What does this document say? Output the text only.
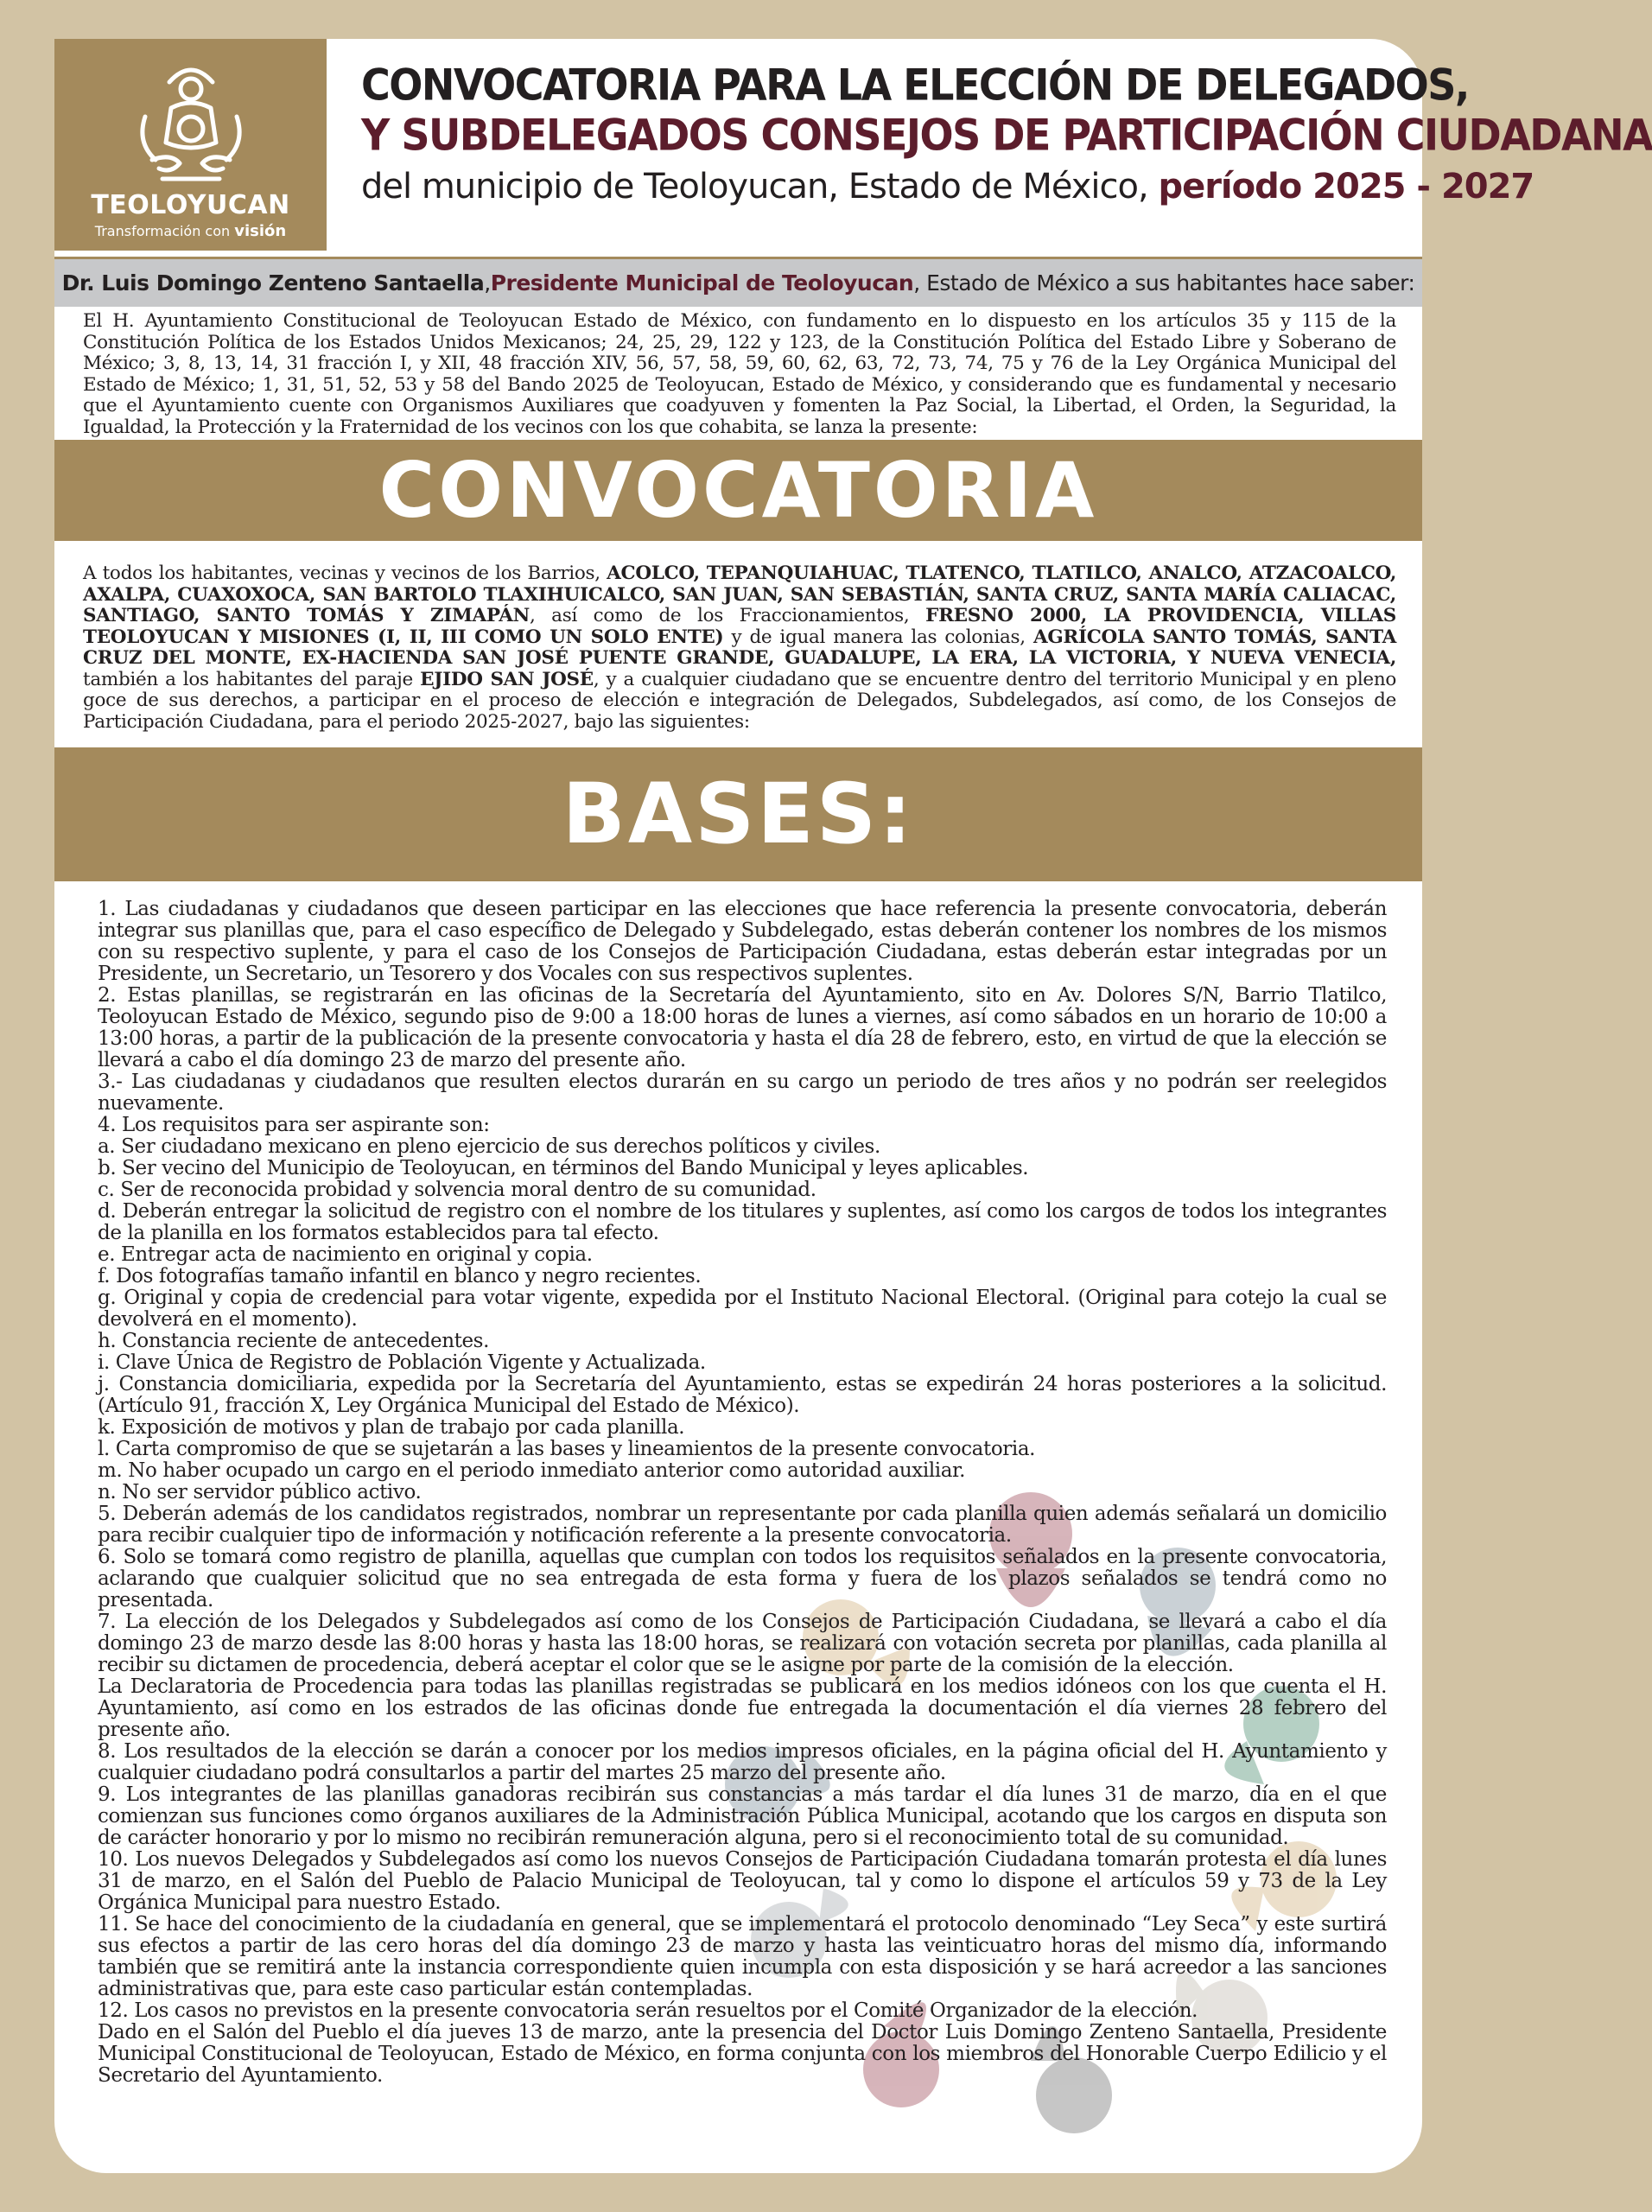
TEOLOYUCAN
Transformación con visión
CONVOCATORIA PARA LA ELECCIÓN DE DELEGADOS,
Y SUBDELEGADOS CONSEJOS DE PARTICIPACIÓN CIUDADANA
del municipio de Teoloyucan, Estado de México, período 2025 - 2027
Dr. Luis Domingo Zenteno Santaella , Presidente Municipal de Teoloyucan , Estado de México a sus habitantes hace saber:
El H. Ayuntamiento Constitucional de Teoloyucan Estado de México, con fundamento en lo dispuesto en los artículos 35 y 115 de la Constitución Política de los Estados Unidos Mexicanos; 24, 25, 29, 122 y 123, de la Constitución Política del Estado Libre y Soberano de México; 3, 8, 13, 14, 31 fracción I, y XII, 48 fracción XIV, 56, 57, 58, 59, 60, 62, 63, 72, 73, 74, 75 y 76 de la Ley Orgánica Municipal del Estado de México; 1, 31, 51, 52, 53 y 58 del Bando 2025 de Teoloyucan, Estado de México, y considerando que es fundamental y necesario que el Ayuntamiento cuente con Organismos Auxiliares que coadyuven y fomenten la Paz Social, la Libertad, el Orden, la Seguridad, la Igualdad, la Protección y la Fraternidad de los vecinos con los que cohabita, se lanza la presente:
CONVOCATORIA
A todos los habitantes, vecinas y vecinos de los Barrios, ACOLCO, TEPANQUIAHUAC, TLATENCO, TLATILCO, ANALCO, ATZACOALCO, AXALPA, CUAXOXOCA, SAN BARTOLO TLAXIHUICALCO, SAN JUAN, SAN SEBASTIÁN, SANTA CRUZ, SANTA MARÍA CALIACAC, SANTIAGO, SANTO TOMÁS Y ZIMAPÁN, así como de los Fraccionamientos, FRESNO 2000, LA PROVIDENCIA, VILLAS TEOLOYUCAN Y MISIONES (I, II, III COMO UN SOLO ENTE) y de igual manera las colonias, AGRÍCOLA SANTO TOMÁS, SANTA CRUZ DEL MONTE, EX-HACIENDA SAN JOSÉ PUENTE GRANDE, GUADALUPE, LA ERA, LA VICTORIA, Y NUEVA VENECIA, también a los habitantes del paraje EJIDO SAN JOSÉ, y a cualquier ciudadano que se encuentre dentro del territorio Municipal y en pleno goce de sus derechos, a participar en el proceso de elección e integración de Delegados, Subdelegados, así como, de los Consejos de Participación Ciudadana, para el periodo 2025-2027, bajo las siguientes:
BASES:

1. Las ciudadanas y ciudadanos que deseen participar en las elecciones que hace referencia la presente convocatoria, deberán integrar sus planillas que, para el caso específico de Delegado y Subdelegado, estas deberán contener los nombres de los mismos con su respectivo suplente, y para el caso de los Consejos de Participación Ciudadana, estas deberán estar integradas por un Presidente, un Secretario, un Tesorero y dos Vocales con sus respectivos suplentes.

2. Estas planillas, se registrarán en las oficinas de la Secretaría del Ayuntamiento, sito en Av. Dolores S/N, Barrio Tlatilco, Teoloyucan Estado de México, segundo piso de 9:00 a 18:00 horas de lunes a viernes, así como sábados en un horario de 10:00 a 13:00 horas, a partir de la publicación de la presente convocatoria y hasta el día 28 de febrero, esto, en virtud de que la elección se llevará a cabo el día domingo 23 de marzo del presente año.

3.- Las ciudadanas y ciudadanos que resulten electos durarán en su cargo un periodo de tres años y no podrán ser reelegidos nuevamente.

4. Los requisitos para ser aspirante son:

a. Ser ciudadano mexicano en pleno ejercicio de sus derechos políticos y civiles.

b. Ser vecino del Municipio de Teoloyucan, en términos del Bando Municipal y leyes aplicables.

c. Ser de reconocida probidad y solvencia moral dentro de su comunidad.

d. Deberán entregar la solicitud de registro con el nombre de los titulares y suplentes, así como los cargos de todos los integrantes de la planilla en los formatos establecidos para tal efecto.

e. Entregar acta de nacimiento en original y copia.

f. Dos fotografías tamaño infantil en blanco y negro recientes.

g. Original y copia de credencial para votar vigente, expedida por el Instituto Nacional Electoral. (Original para cotejo la cual se devolverá en el momento).

h. Constancia reciente de antecedentes.

i. Clave Única de Registro de Población Vigente y Actualizada.

j. Constancia domiciliaria, expedida por la Secretaría del Ayuntamiento, estas se expedirán 24 horas posteriores a la solicitud. (Artículo 91, fracción X, Ley Orgánica Municipal del Estado de México).

k. Exposición de motivos y plan de trabajo por cada planilla.

l. Carta compromiso de que se sujetarán a las bases y lineamientos de la presente convocatoria.

m. No haber ocupado un cargo en el periodo inmediato anterior como autoridad auxiliar.

n. No ser servidor público activo.

5. Deberán además de los candidatos registrados, nombrar un representante por cada planilla quien además señalará un domicilio para recibir cualquier tipo de información y notificación referente a la presente convocatoria.

6. Solo se tomará como registro de planilla, aquellas que cumplan con todos los requisitos señalados en la presente convocatoria, aclarando que cualquier solicitud que no sea entregada de esta forma y fuera de los plazos señalados se tendrá como no presentada.

7. La elección de los Delegados y Subdelegados así como de los Consejos de Participación Ciudadana, se llevará a cabo el día domingo 23 de marzo desde las 8:00 horas y hasta las 18:00 horas, se realizará con votación secreta por planillas, cada planilla al recibir su dictamen de procedencia, deberá aceptar el color que se le asigne por parte de la comisión de la elección.

La Declaratoria de Procedencia para todas las planillas registradas se publicará en los medios idóneos con los que cuenta el H. Ayuntamiento, así como en los estrados de las oficinas donde fue entregada la documentación el día viernes 28 febrero del presente año.

8. Los resultados de la elección se darán a conocer por los medios impresos oficiales, en la página oficial del H. Ayuntamiento y cualquier ciudadano podrá consultarlos a partir del martes 25 marzo del presente año.

9. Los integrantes de las planillas ganadoras recibirán sus constancias a más tardar el día lunes 31 de marzo, día en el que comienzan sus funciones como órganos auxiliares de la Administración Pública Municipal, acotando que los cargos en disputa son de carácter honorario y por lo mismo no recibirán remuneración alguna, pero si el reconocimiento total de su comunidad.

10. Los nuevos Delegados y Subdelegados así como los nuevos Consejos de Participación Ciudadana tomarán protesta el día lunes 31 de marzo, en el Salón del Pueblo de Palacio Municipal de Teoloyucan, tal y como lo dispone el artículos 59 y 73 de la Ley Orgánica Municipal para nuestro Estado.

11. Se hace del conocimiento de la ciudadanía en general, que se implementará el protocolo denominado “Ley Seca” y este surtirá sus efectos a partir de las cero horas del día domingo 23 de marzo y hasta las veinticuatro horas del mismo día, informando también que se remitirá ante la instancia correspondiente quien incumpla con esta disposición y se hará acreedor a las sanciones administrativas que, para este caso particular están contempladas.

12. Los casos no previstos en la presente convocatoria serán resueltos por el Comité Organizador de la elección.

Dado en el Salón del Pueblo el día jueves 13 de marzo, ante la presencia del Doctor Luis Domingo Zenteno Santaella, Presidente Municipal Constitucional de Teoloyucan, Estado de México, en forma conjunta con los miembros del Honorable Cuerpo Edilicio y el Secretario del Ayuntamiento.
